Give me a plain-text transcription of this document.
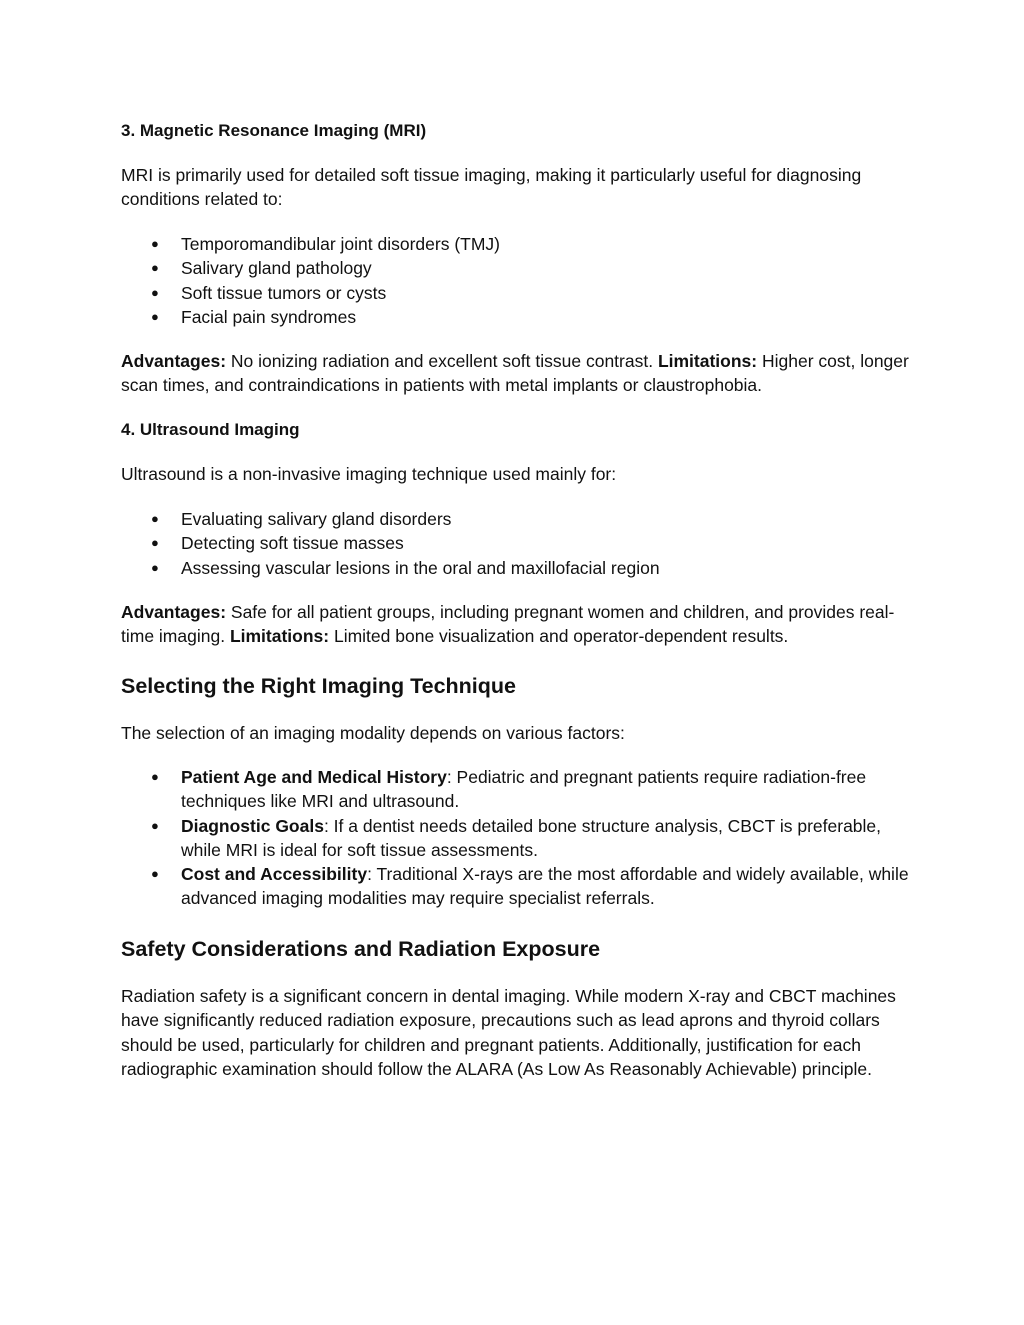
3. Magnetic Resonance Imaging (MRI)

MRI is primarily used for detailed soft tissue imaging, making it particularly useful for diagnosing conditions related to:

● Temporomandibular joint disorders (TMJ)
● Salivary gland pathology
● Soft tissue tumors or cysts
● Facial pain syndromes

Advantages: No ionizing radiation and excellent soft tissue contrast. Limitations: Higher cost, longer scan times, and contraindications in patients with metal implants or claustrophobia.

4. Ultrasound Imaging

Ultrasound is a non-invasive imaging technique used mainly for:

● Evaluating salivary gland disorders
● Detecting soft tissue masses
● Assessing vascular lesions in the oral and maxillofacial region

Advantages: Safe for all patient groups, including pregnant women and children, and provides real-time imaging. Limitations: Limited bone visualization and operator-dependent results.

Selecting the Right Imaging Technique

The selection of an imaging modality depends on various factors:

● Patient Age and Medical History: Pediatric and pregnant patients require radiation-free techniques like MRI and ultrasound.
● Diagnostic Goals: If a dentist needs detailed bone structure analysis, CBCT is preferable, while MRI is ideal for soft tissue assessments.
● Cost and Accessibility: Traditional X-rays are the most affordable and widely available, while advanced imaging modalities may require specialist referrals.
Safety Considerations and Radiation Exposure

Radiation safety is a significant concern in dental imaging. While modern X-ray and CBCT machines have significantly reduced radiation exposure, precautions such as lead aprons and thyroid collars should be used, particularly for children and pregnant patients. Additionally, justification for each radiographic examination should follow the ALARA (As Low As Reasonably Achievable) principle.
